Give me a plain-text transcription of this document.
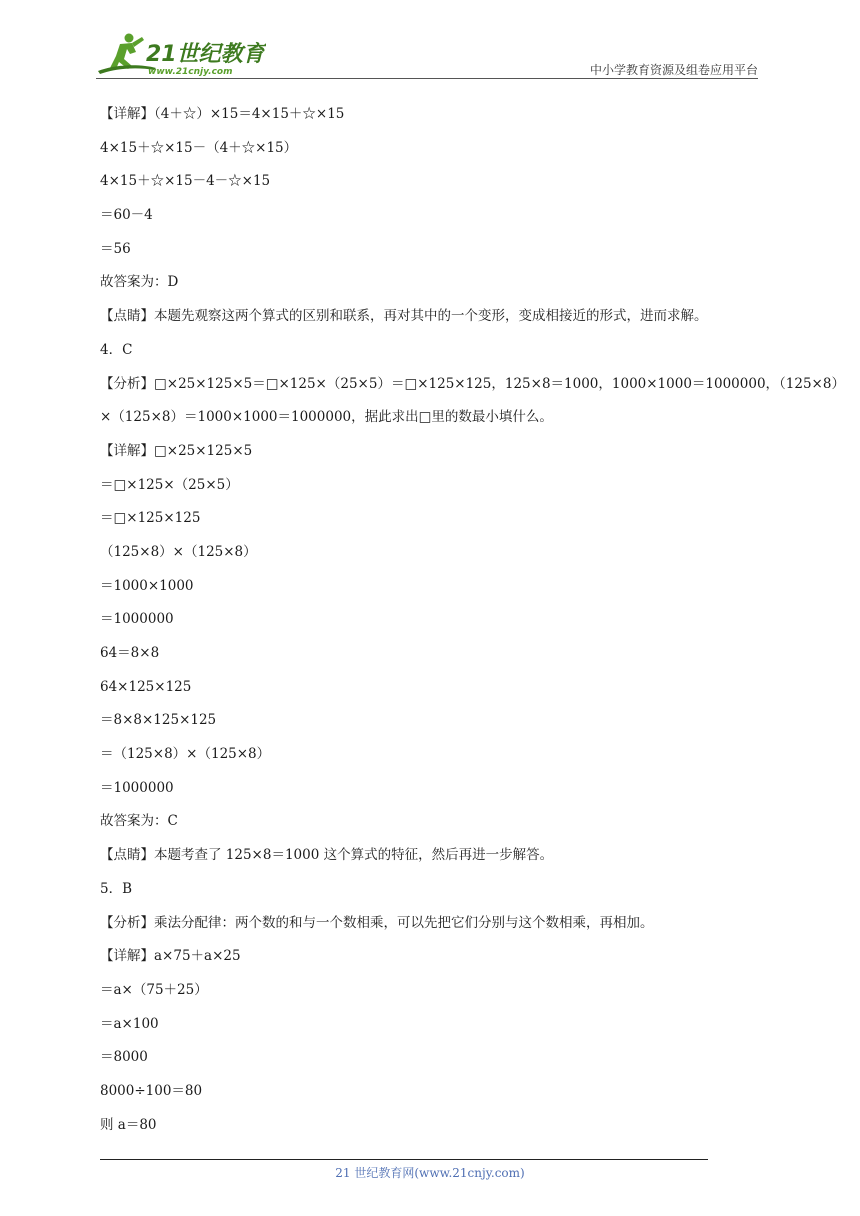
21世纪教育
www.21cnjy.com	中小学教育资源及组卷应用平台
【详解】（4＋☆）×15＝4×15＋☆×15
4×15＋☆×15－（4＋☆×15）
4×15＋☆×15－4－☆×15
＝60－4
＝56
故答案为：D
【点睛】本题先观察这两个算式的区别和联系，再对其中的一个变形，变成相接近的形式，进而求解。
4．C
【分析】□×25×125×5＝□×125×（25×5）＝□×125×125，125×8＝1000，1000×1000＝1000000，（125×8）
×（125×8）＝1000×1000＝1000000，据此求出□里的数最小填什么。
【详解】□×25×125×5
＝□×125×（25×5）
＝□×125×125
（125×8）×（125×8）
＝1000×1000
＝1000000
64＝8×8
64×125×125
＝8×8×125×125
＝（125×8）×（125×8）
＝1000000
故答案为：C
【点睛】本题考查了 125×8＝1000 这个算式的特征，然后再进一步解答。
5．B
【分析】乘法分配律：两个数的和与一个数相乘，可以先把它们分别与这个数相乘，再相加。
【详解】a×75＋a×25
＝a×（75＋25）
＝a×100
＝8000
8000÷100＝80
则 a＝80
21 世纪教育网(www.21cnjy.com)
